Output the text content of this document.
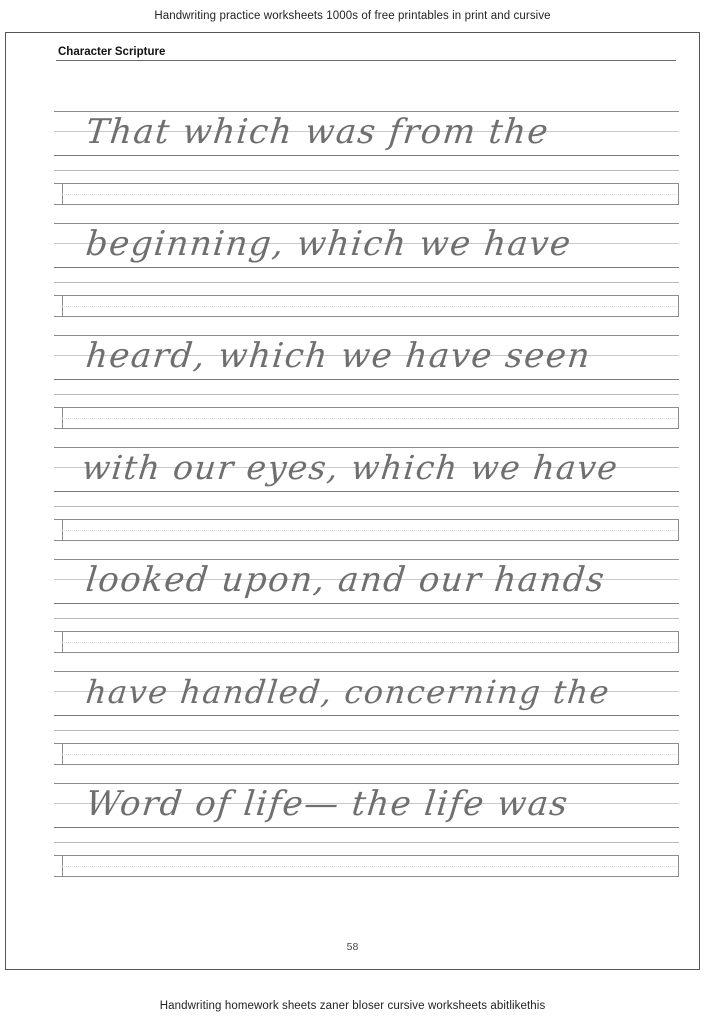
Handwriting practice worksheets 1000s of free printables in print and cursive
Character Scripture
That which was from the
beginning, which we have
heard, which we have seen
with our eyes, which we have
looked upon, and our hands
have handled, concerning the
Word of life— the life was
58
Handwriting homework sheets zaner bloser cursive worksheets abitlikethis
